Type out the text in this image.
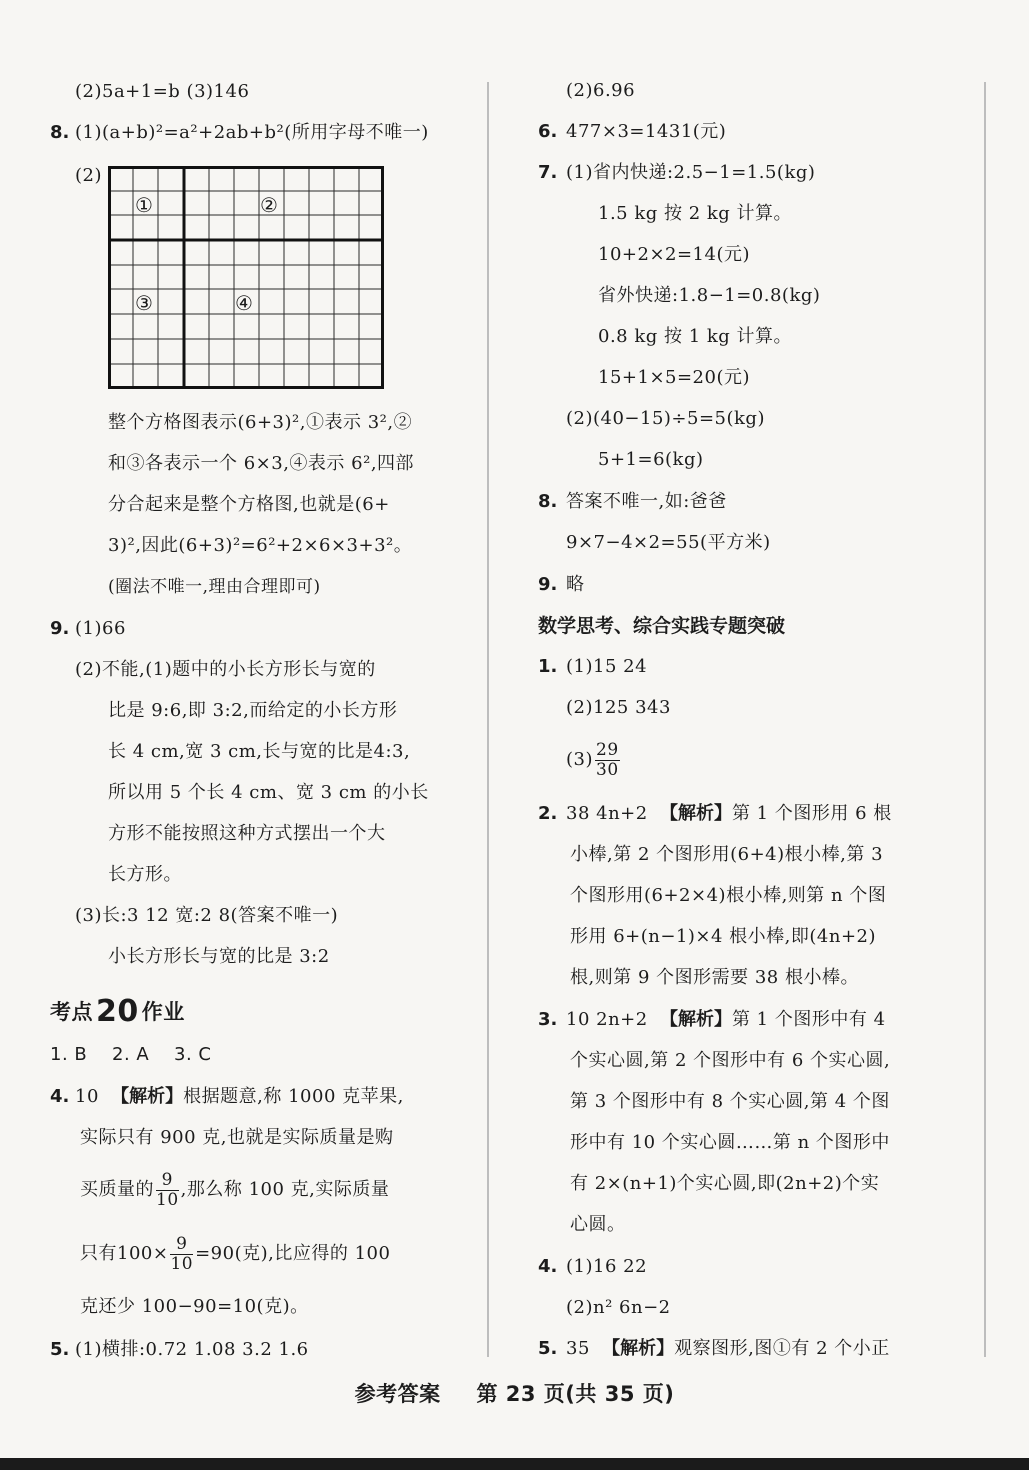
(2)5a+1=b (3)146
8. (1)(a+b)²=a²+2ab+b²(所用字母不唯一)
(2)
①	②
③	④
整个方格图表示(6+3)²,①表示 3²,②
和③各表示一个 6×3,④表示 6²,四部
分合起来是整个方格图,也就是(6+
3)²,因此(6+3)²=6²+2×6×3+3²。
(圈法不唯一,理由合理即可)
9. (1)66
(2)不能,(1)题中的小长方形长与宽的
比是 9:6,即 3:2,而给定的小长方形
长 4 cm,宽 3 cm,长与宽的比是4:3,
所以用 5 个长 4 cm、宽 3 cm 的小长
方形不能按照这种方式摆出一个大
长方形。
(3)长:3 12 宽:2 8(答案不唯一)
小长方形长与宽的比是 3:2
考点 20 作业
1. B 2. A 3. C
4. 10 【解析】根据题意,称 1000 克苹果,
实际只有 900 克,也就是实际质量是购
买质量的 $\frac{9}{10}$ ,那么称 100 克,实际质量
只有$100\times \frac{9}{10} =90$(克),比应得的 100
克还少 100−90=10(克)。
5. (1)横排:0.72 1.08 3.2 1.6
(2)6.96
6. 477×3=1431(元)
7. (1)省内快递:2.5−1=1.5(kg)
1.5 kg 按 2 kg 计算。
10+2×2=14(元)
省外快递:1.8−1=0.8(kg)
0.8 kg 按 1 kg 计算。
15+1×5=20(元)
(2)(40−15)÷5=5(kg)
5+1=6(kg)
8. 答案不唯一,如:爸爸
9×7−4×2=55(平方米)
9. 略
数学思考、综合实践专题突破
1. (1)15 24
(2)125 343
$(3) \frac{29}{30}$
2. 38 4n+2 【解析】第 1 个图形用 6 根
小棒,第 2 个图形用(6+4)根小棒,第 3
个图形用(6+2×4)根小棒,则第 n 个图
形用 6+(n−1)×4 根小棒,即(4n+2)
根,则第 9 个图形需要 38 根小棒。
3. 10 2n+2 【解析】第 1 个图形中有 4
个实心圆,第 2 个图形中有 6 个实心圆,
第 3 个图形中有 8 个实心圆,第 4 个图
形中有 10 个实心圆……第 n 个图形中
有 2×(n+1)个实心圆,即(2n+2)个实
心圆。
4. (1)16 22
(2)n² 6n−2
5. 35 【解析】观察图形,图①有 2 个小正
参考答案 第 23 页(共 35 页)
